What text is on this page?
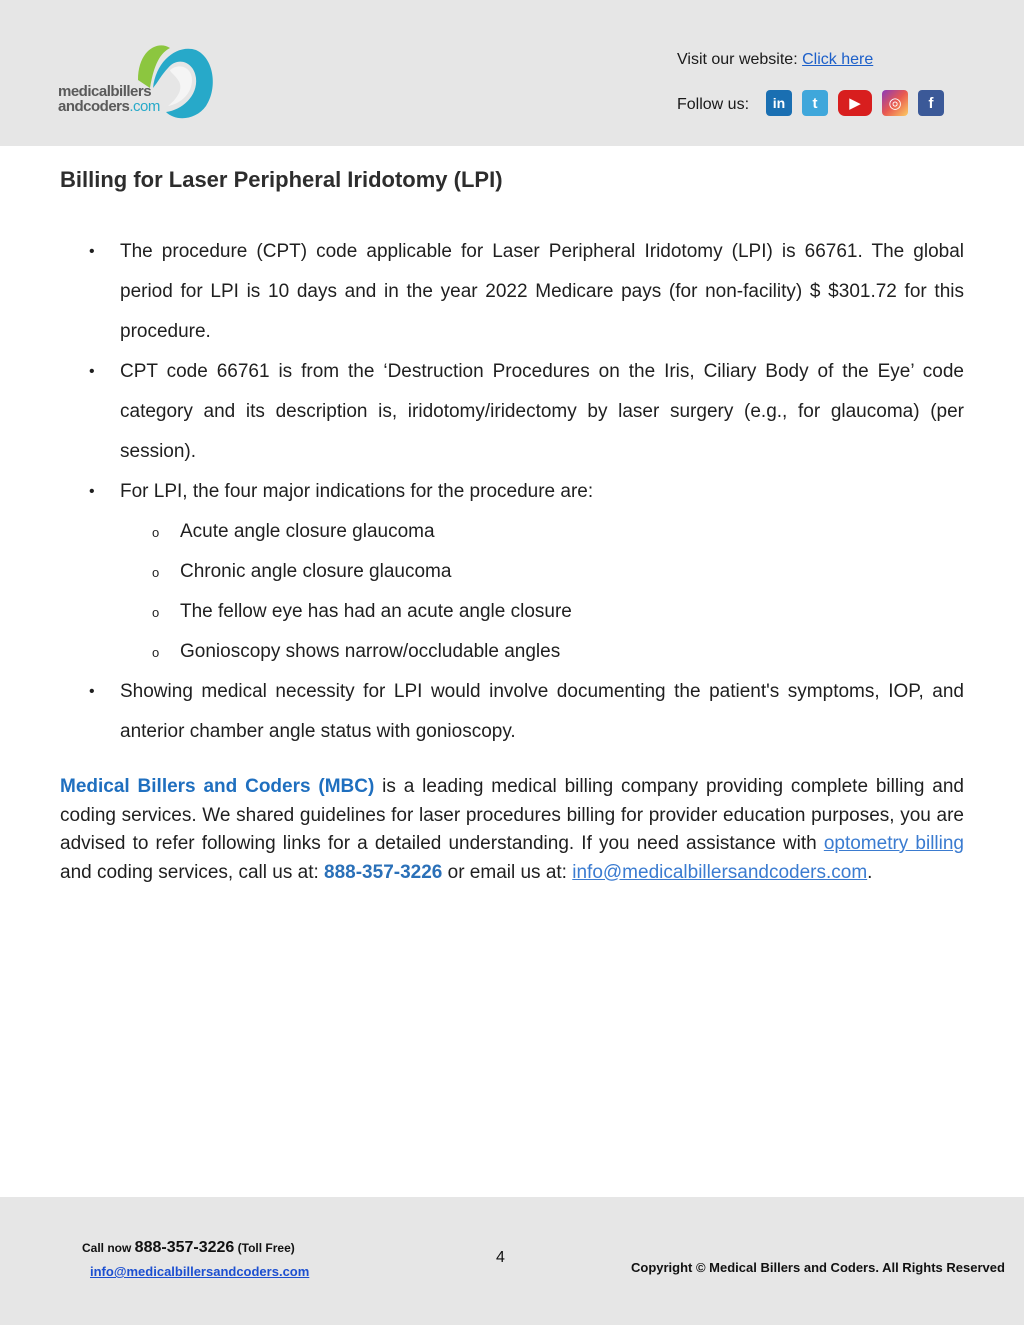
medicalbillers
andcoders.com
Visit our website: Click here
Follow us:	in	t	▶	◎	f
Billing for Laser Peripheral Iridotomy (LPI)
• The procedure (CPT) code applicable for Laser Peripheral Iridotomy (LPI) is 66761. The global period for LPI is 10 days and in the year 2022 Medicare pays (for non-facility) $ $301.72 for this procedure.
• CPT code 66761 is from the ‘Destruction Procedures on the Iris, Ciliary Body of the Eye’ code category and its description is, iridotomy/iridectomy by laser surgery (e.g., for glaucoma) (per session).
• For LPI, the four major indications for the procedure are:
o Acute angle closure glaucoma
o Chronic angle closure glaucoma
o The fellow eye has had an acute angle closure
o Gonioscopy shows narrow/occludable angles
• Showing medical necessity for LPI would involve documenting the patient's symptoms, IOP, and anterior chamber angle status with gonioscopy.
Medical Billers and Coders (MBC) is a leading medical billing company providing complete billing and coding services. We shared guidelines for laser procedures billing for provider education purposes, you are advised to refer following links for a detailed understanding. If you need assistance with optometry billing and coding services, call us at: 888-357-3226 or email us at: info@medicalbillersandcoders.com.
Call now 888-357-3226 (Toll Free)
info@medicalbillersandcoders.com
4
Copyright © Medical Billers and Coders. All Rights Reserved
